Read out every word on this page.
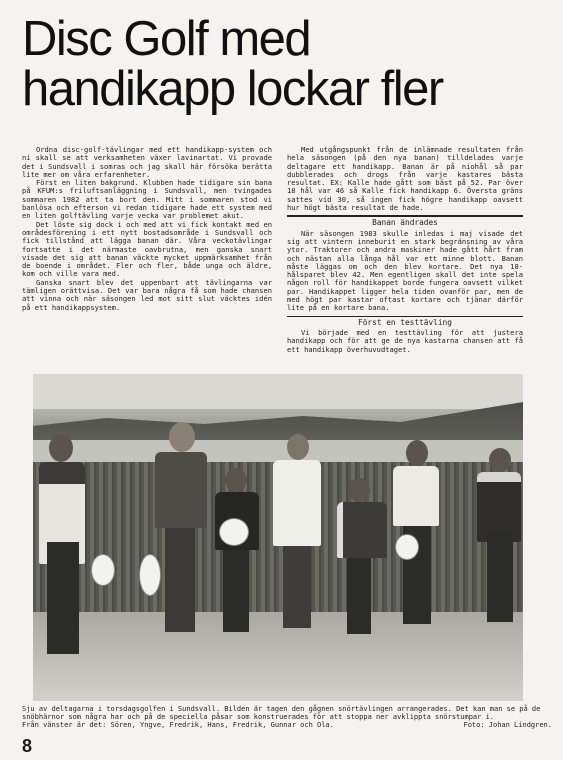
Disc Golf med
handikapp lockar fler

Ordna disc-golf-tävlingar med ett handikapp-system och ni skall se att verksamheten växer lavinartat. Vi provade det i Sundsvall i somras och jag skall här försöka berätta lite mer om våra erfarenheter.

Först en liten bakgrund. Klubben hade tidigare sin bana på KFUM:s friluftsanläggning i Sundsvall, men tvingades sommaren 1982 att ta bort den. Mitt i sommaren stod vi banlösa och efterson vi redan tidigare hade ett system med en liten golftävling varje vecka var problemet akut.

Det löste sig dock i och med att vi fick kontakt med en områdesförening i ett nytt bostadsområde i Sundsvall och fick tillstånd att lägga banan där. Våra veckotävlingar fortsatte i det närmaste oavbrutna, men ganska snart visade det sig att banan väckte mycket uppmärksamhet från de boende i området. Fler och fler, både unga och äldre, kom och ville vara med.

Ganska snart blev det uppenbart att tävlingarna var tämligen orättvisa. Det var bara några få som hade chansen att vinna och när säsongen led mot sitt slut väcktes idén på ett handikappsystem.

Med utgångspunkt från de inlämnade resultaten från hela säsongen (på den nya banan) tilldelades varje deltagare ett handikapp. Banan är på niohål så par dubblerades och drogs från varje kastares bästa resultat. EX: Kalle hade gått som bäst på 52. Par över 18 hål var 46 så Kalle fick handikapp 6. Översta gräns sattes vid 30, så ingen fick högre handikapp oavsett hur högt bästa resultat de hade.

Banan ändrades

När säsongen 1983 skulle inledas i maj visade det sig att vintern inneburit en stark begränsning av våra ytor. Traktorer och andra maskiner hade gått hårt fram och nästan alla långa hål var ett minne blott. Banan måste läggas om och den blev kortare. Det nya 18-hålsparet blev 42. Men egentligen skall det inte spela någon roll för handikappet borde fungera oavsett vilket par. Handikappet ligger hela tiden ovanför par, men de med högt par kastar oftast kortare och tjänar därför lite på en kortare bana.

Först en testtävling

Vi började med en testtävling för att justera handikapp och för att ge de nya kastarna chansen att få ett handikapp överhuvudtaget.

Sju av deltagarna i torsdagsgolfen i Sundsvall. Bilden är tagen den gågnen snörtävlingen arrangerades. Det kan man se på de snöbhärnor som några har och på de speciella påsar som konstruerades för att stoppa ner avklippta snörstumpar i.
Från vänster är det: Sören, Yngve, Fredrik, Hans, Fredrik, Gunnar och Ola.	Foto: Johan Lindgren.

8
